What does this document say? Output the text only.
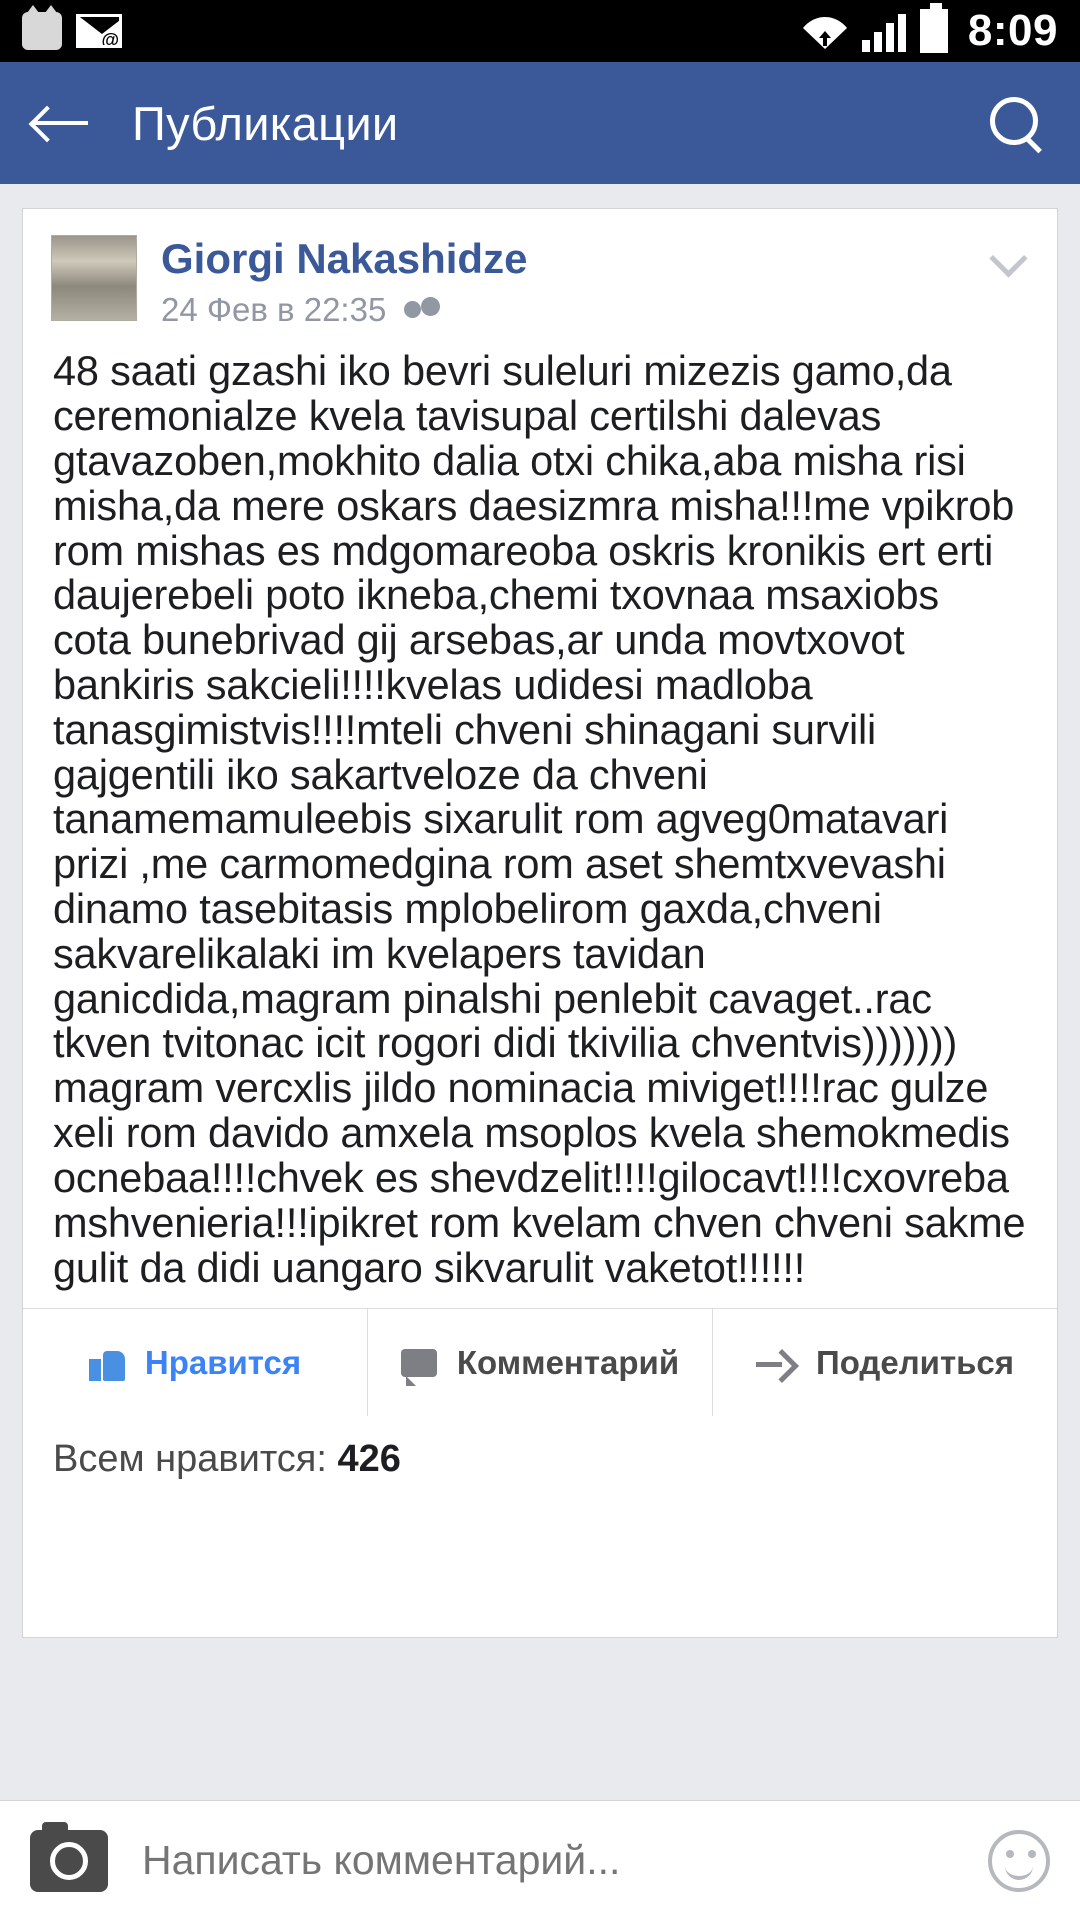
@
8:09
Публикации
Giorgi Nakashidze
24 Фев в 22:35
48 saati gzashi iko bevri suleluri mizezis gamo,da ceremonialze kvela tavisupal certilshi dalevas gtavazoben,mokhito dalia otxi chika,aba misha risi misha,da mere oskars daesizmra misha!!!me vpikrob rom mishas es mdgomareoba oskris kronikis ert erti daujerebeli poto ikneba,chemi txovnaa msaxiobs cota bunebrivad gij arsebas,ar unda movtxovot bankiris sakcieli!!!!kvelas udidesi madloba tanasgimistvis!!!!mteli chveni shinagani survili gajgentili iko sakartveloze da chveni tanamemamuleebis sixarulit rom agveg0matavari prizi ,me carmomedgina rom aset shemtxvevashi dinamo tasebitasis mplobelirom gaxda,chveni sakvarelikalaki im kvelapers tavidan ganicdida,magram pinalshi penlebit cavaget..rac tkven tvitonac icit rogori didi tkivilia chventvis))))))) magram vercxlis jildo nominacia miviget!!!!rac gulze xeli rom davido amxela msoplos kvela shemokmedis ocnebaa!!!!chvek es shevdzelit!!!!gilocavt!!!!cxovreba mshvenieria!!!ipikret rom kvelam chven chveni sakme gulit da didi uangaro sikvarulit vaketot!!!!!!
Нравится	Комментарий	Поделиться
Всем нравится: 426
Написать комментарий...
